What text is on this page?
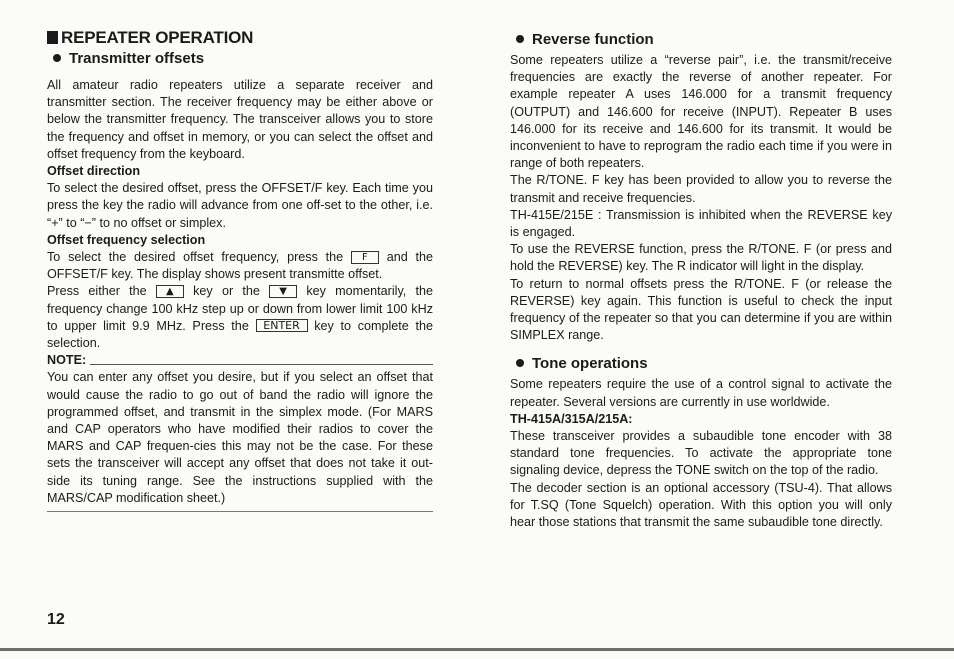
REPEATER OPERATION
Transmitter offsets

All amateur radio repeaters utilize a separate receiver and transmitter section. The receiver frequency may be either above or below the transmitter frequency. The transceiver allows you to store the frequency and offset in memory, or you can select the offset and offset frequency from the keyboard.

Offset direction

To select the desired offset, press the OFFSET/F key. Each time you press the key the radio will advance from one off-set to the other, i.e. “+” to “−” to no offset or simplex.

Offset frequency selection

To select the desired offset frequency, press the F and the OFFSET/F key. The display shows present transmitte offset.

Press either the ▲ key or the ▼ key momentarily, the frequency change 100 kHz step up or down from lower limit 100 kHz to upper limit 9.9 MHz. Press the ENTER key to complete the selection.

NOTE:

You can enter any offset you desire, but if you select an offset that would cause the radio to go out of band the radio will ignore the programmed offset, and transmit in the simplex mode. (For MARS and CAP operators who have modified their radios to cover the MARS and CAP frequen-cies this may not be the case. For these sets the transceiver will accept any offset that does not take it out-side its tuning range. See the instructions supplied with the MARS/CAP modification sheet.)

Reverse function

Some repeaters utilize a “reverse pair”, i.e. the transmit/receive frequencies are exactly the reverse of another repeater. For example repeater A uses 146.000 for a transmit frequency (OUTPUT) and 146.600 for receive (INPUT). Repeater B uses 146.000 for its receive and 146.600 for its transmit. It would be inconvenient to have to reprogram the radio each time if you were in range of both repeaters.

The R/TONE. F key has been provided to allow you to reverse the transmit and receive frequencies.

TH-415E/215E : Transmission is inhibited when the REVERSE key is engaged.

To use the REVERSE function, press the R/TONE. F (or press and hold the REVERSE) key. The R indicator will light in the display.

To return to normal offsets press the R/TONE. F (or release the REVERSE) key again. This function is useful to check the input frequency of the repeater so that you can determine if you are within SIMPLEX range.

Tone operations

Some repeaters require the use of a control signal to activate the repeater. Several versions are currently in use worldwide.

TH-415A/315A/215A:

These transceiver provides a subaudible tone encoder with 38 standard tone frequencies. To activate the appropriate tone signaling device, depress the TONE switch on the top of the radio.

The decoder section is an optional accessory (TSU-4). That allows for T.SQ (Tone Squelch) operation. With this option you will only hear those stations that transmit the same subaudible tone directly.

12
